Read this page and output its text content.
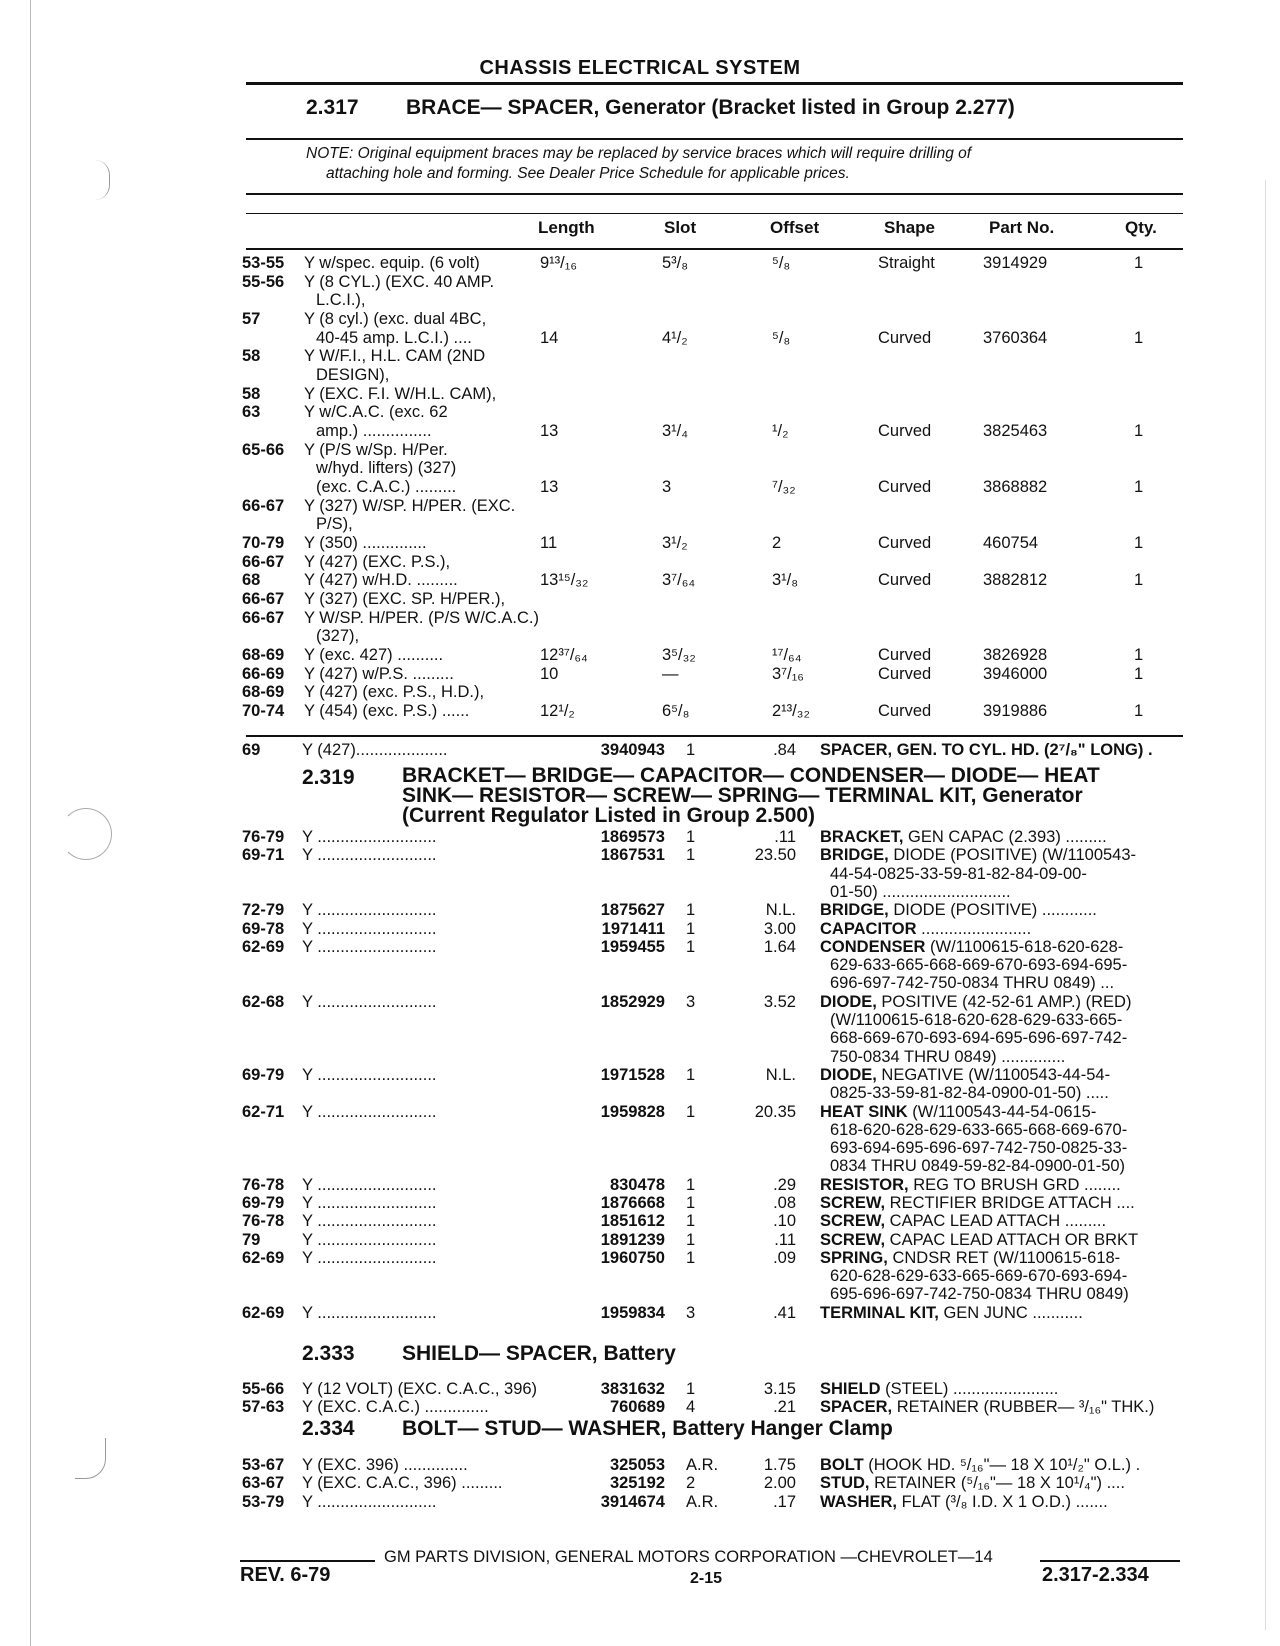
CHASSIS ELECTRICAL SYSTEM
2.317 BRACE— SPACER, Generator (Bracket listed in Group 2.277)
NOTE: Original equipment braces may be replaced by service braces which will require drilling of
attaching hole and forming. See Dealer Price Schedule for applicable prices.
Length	Slot	Offset	Shape	Part No.	Qty.
53-55 Y w/spec. equip. (6 volt)	9¹³/₁₆	5³/₈	⁵/₈	Straight	3914929	1
55-56 Y (8 CYL.) (EXC. 40 AMP.
L.C.I.),
57	Y (8 cyl.) (exc. dual 4BC,
40-45 amp. L.C.I.) ....	14	4¹/₂	⁵/₈	Curved	3760364	1
58	Y W/F.I., H.L. CAM (2ND
DESIGN),
58	Y (EXC. F.I. W/H.L. CAM),
63	Y w/C.A.C. (exc. 62
amp.) ...............	13	3¹/₄	¹/₂	Curved	3825463	1
65-66 Y (P/S w/Sp. H/Per.
w/hyd. lifters) (327)
(exc. C.A.C.) .........	13	3	⁷/₃₂	Curved	3868882	1
66-67 Y (327) W/SP. H/PER. (EXC.
P/S),
70-79 Y (350) ..............	11	3¹/₂	2	Curved	460754	1
66-67 Y (427) (EXC. P.S.),
68	Y (427) w/H.D. .........	13¹⁵/₃₂	3⁷/₆₄	3¹/₈	Curved	3882812	1
66-67 Y (327) (EXC. SP. H/PER.),
66-67 Y W/SP. H/PER. (P/S W/C.A.C.)
(327),
68-69 Y (exc. 427) ..........	12³⁷/₆₄	3⁵/₃₂	¹⁷/₆₄	Curved	3826928	1
66-69 Y (427) w/P.S. .........	10	—	3⁷/₁₆	Curved	3946000	1
68-69 Y (427) (exc. P.S., H.D.),
70-74 Y (454) (exc. P.S.) ......	12¹/₂	6⁵/₈	2¹³/₃₂	Curved	3919886	1
69	Y (427)....................	3940943 1	.84 SPACER, GEN. TO CYL. HD. (2⁷/₈" LONG) .
2.319 BRACKET— BRIDGE— CAPACITOR— CONDENSER— DIODE— HEAT
SINK— RESISTOR— SCREW— SPRING— TERMINAL KIT, Generator
(Current Regulator Listed in Group 2.500)
76-79 Y ..........................	1869573 1	.11 BRACKET, GEN CAPAC (2.393) .........
69-71 Y ..........................	1867531 1	23.50 BRIDGE, DIODE (POSITIVE) (W/1100543-
44-54-0825-33-59-81-82-84-09-00-
01-50) ............................
72-79 Y ..........................	1875627 1	N.L. BRIDGE, DIODE (POSITIVE) ............
69-78 Y ..........................	1971411 1	3.00 CAPACITOR ........................
62-69 Y ..........................	1959455 1	1.64 CONDENSER (W/1100615-618-620-628-
629-633-665-668-669-670-693-694-695-
696-697-742-750-0834 THRU 0849) ...
62-68 Y ..........................	1852929 3	3.52 DIODE, POSITIVE (42-52-61 AMP.) (RED)
(W/1100615-618-620-628-629-633-665-
668-669-670-693-694-695-696-697-742-
750-0834 THRU 0849) ..............
69-79 Y ..........................	1971528 1	N.L. DIODE, NEGATIVE (W/1100543-44-54-
0825-33-59-81-82-84-0900-01-50) .....
62-71 Y ..........................	1959828 1	20.35 HEAT SINK (W/1100543-44-54-0615-
618-620-628-629-633-665-668-669-670-
693-694-695-696-697-742-750-0825-33-
0834 THRU 0849-59-82-84-0900-01-50)
76-78 Y ..........................	830478 1	.29 RESISTOR, REG TO BRUSH GRD ........
69-79 Y ..........................	1876668 1	.08 SCREW, RECTIFIER BRIDGE ATTACH ....
76-78 Y ..........................	1851612 1	.10 SCREW, CAPAC LEAD ATTACH .........
79	Y ..........................	1891239 1	.11 SCREW, CAPAC LEAD ATTACH OR BRKT
62-69 Y ..........................	1960750 1	.09 SPRING, CNDSR RET (W/1100615-618-
620-628-629-633-665-669-670-693-694-
695-696-697-742-750-0834 THRU 0849)
62-69 Y ..........................	1959834 3	.41 TERMINAL KIT, GEN JUNC ...........
2.333 SHIELD— SPACER, Battery
55-66 Y (12 VOLT) (EXC. C.A.C., 396)	3831632 1	3.15 SHIELD (STEEL) .......................
57-63 Y (EXC. C.A.C.) ..............	760689 4	.21 SPACER, RETAINER (RUBBER— ³/₁₆" THK.)
2.334 BOLT— STUD— WASHER, Battery Hanger Clamp
53-67 Y (EXC. 396) ..............	325053 A.R.	1.75 BOLT (HOOK HD. ⁵/₁₆"— 18 X 10¹/₂" O.L.) .
63-67 Y (EXC. C.A.C., 396) .........	325192 2	2.00 STUD, RETAINER (⁵/₁₆"— 18 X 10¹/₄") ....
53-79 Y ..........................	3914674 A.R.	.17 WASHER, FLAT (³/₈ I.D. X 1 O.D.) .......
GM PARTS DIVISION, GENERAL MOTORS CORPORATION —CHEVROLET—14
REV. 6-79	2-15	2.317-2.334
